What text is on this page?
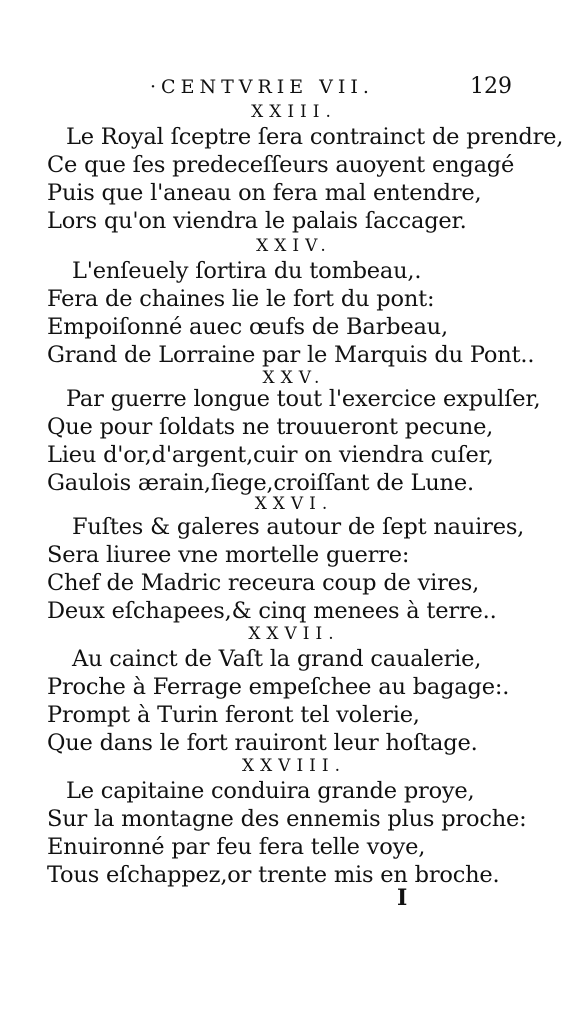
·CENTVRIE VII.	129
XXIII.
Le Royal ſceptre ſera contrainct de prendre,
Ce que ſes predeceſſeurs auoyent engagé
Puis que l'aneau on fera mal entendre,
Lors qu'on viendra le palais ſaccager.
XXIV.
L'enſeuely ſortira du tombeau,.
Fera de chaines lie le fort du pont:
Empoiſonné auec œufs de Barbeau,
Grand de Lorraine par le Marquis du Pont..
XXV.
Par guerre longue tout l'exercice expulſer,
Que pour ſoldats ne trouueront pecune,
Lieu d'or,d'argent,cuir on viendra cuſer,
Gaulois ærain,ſiege,croiſſant de Lune.
XXVI.
Fuſtes & galeres autour de ſept nauires,
Sera liuree vne mortelle guerre:
Chef de Madric receura coup de vires,
Deux eſchapees,& cinq menees à terre..
XXVII.
Au cainct de Vaſt la grand caualerie,
Proche à Ferrage empeſchee au bagage:.
Prompt à Turin feront tel volerie,
Que dans le fort rauiront leur hoſtage.
XXVIII.
Le capitaine conduira grande proye,
Sur la montagne des ennemis plus proche:
Enuironné par feu fera telle voye,
Tous eſchappez,or trente mis en broche.
I
